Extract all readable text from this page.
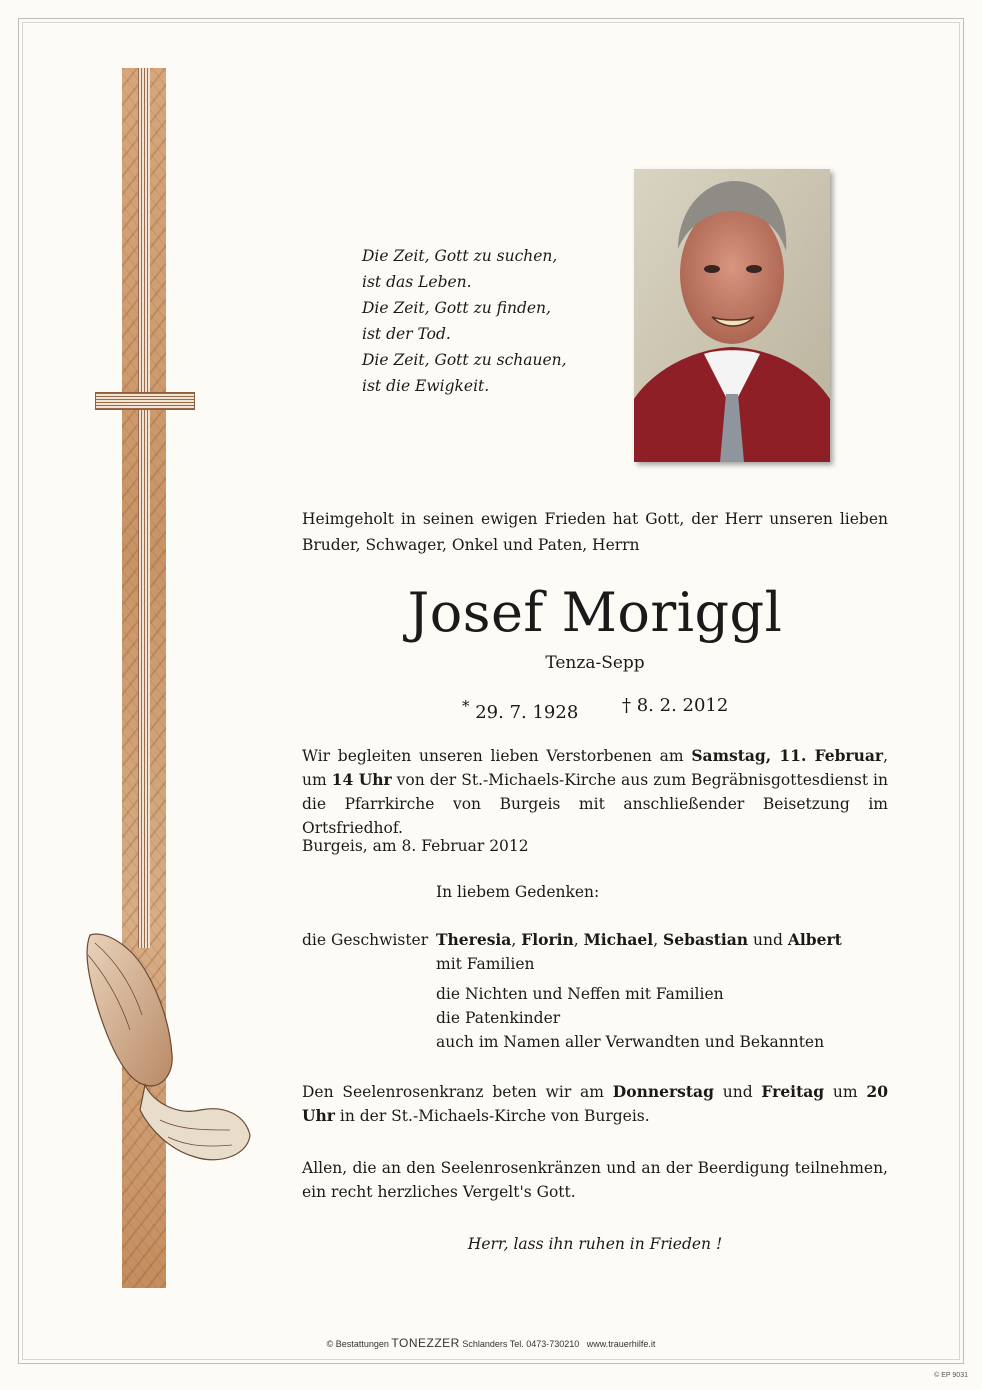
Die Zeit, Gott zu suchen,
ist das Leben.
Die Zeit, Gott zu finden,
ist der Tod.
Die Zeit, Gott zu schauen,
ist die Ewigkeit.
Heimgeholt in seinen ewigen Frieden hat Gott, der Herr unseren lieben Bruder, Schwager, Onkel und Paten, Herrn
Josef Moriggl
Tenza-Sepp
* 29. 7. 1928 † 8. 2. 2012
Wir begleiten unseren lieben Verstorbenen am Samstag, 11. Februar, um 14 Uhr von der St.-Michaels-Kirche aus zum Begräbnisgottesdienst in die Pfarrkirche von Burgeis mit anschließender Beisetzung im Ortsfriedhof.
Burgeis, am 8. Februar 2012
In liebem Gedenken:
die Geschwister Theresia, Florin, Michael, Sebastian und Albert
mit Familien
die Nichten und Neffen mit Familien
die Patenkinder
auch im Namen aller Verwandten und Bekannten
Den Seelenrosenkranz beten wir am Donnerstag und Freitag um 20 Uhr in der St.-Michaels-Kirche von Burgeis.
Allen, die an den Seelenrosenkränzen und an der Beerdigung teilnehmen, ein recht herzliches Vergelt's Gott.
Herr, lass ihn ruhen in Frieden !
© Bestattungen TONEZZER Schlanders Tel. 0473-730210 www.trauerhilfe.it
© EP 9031
